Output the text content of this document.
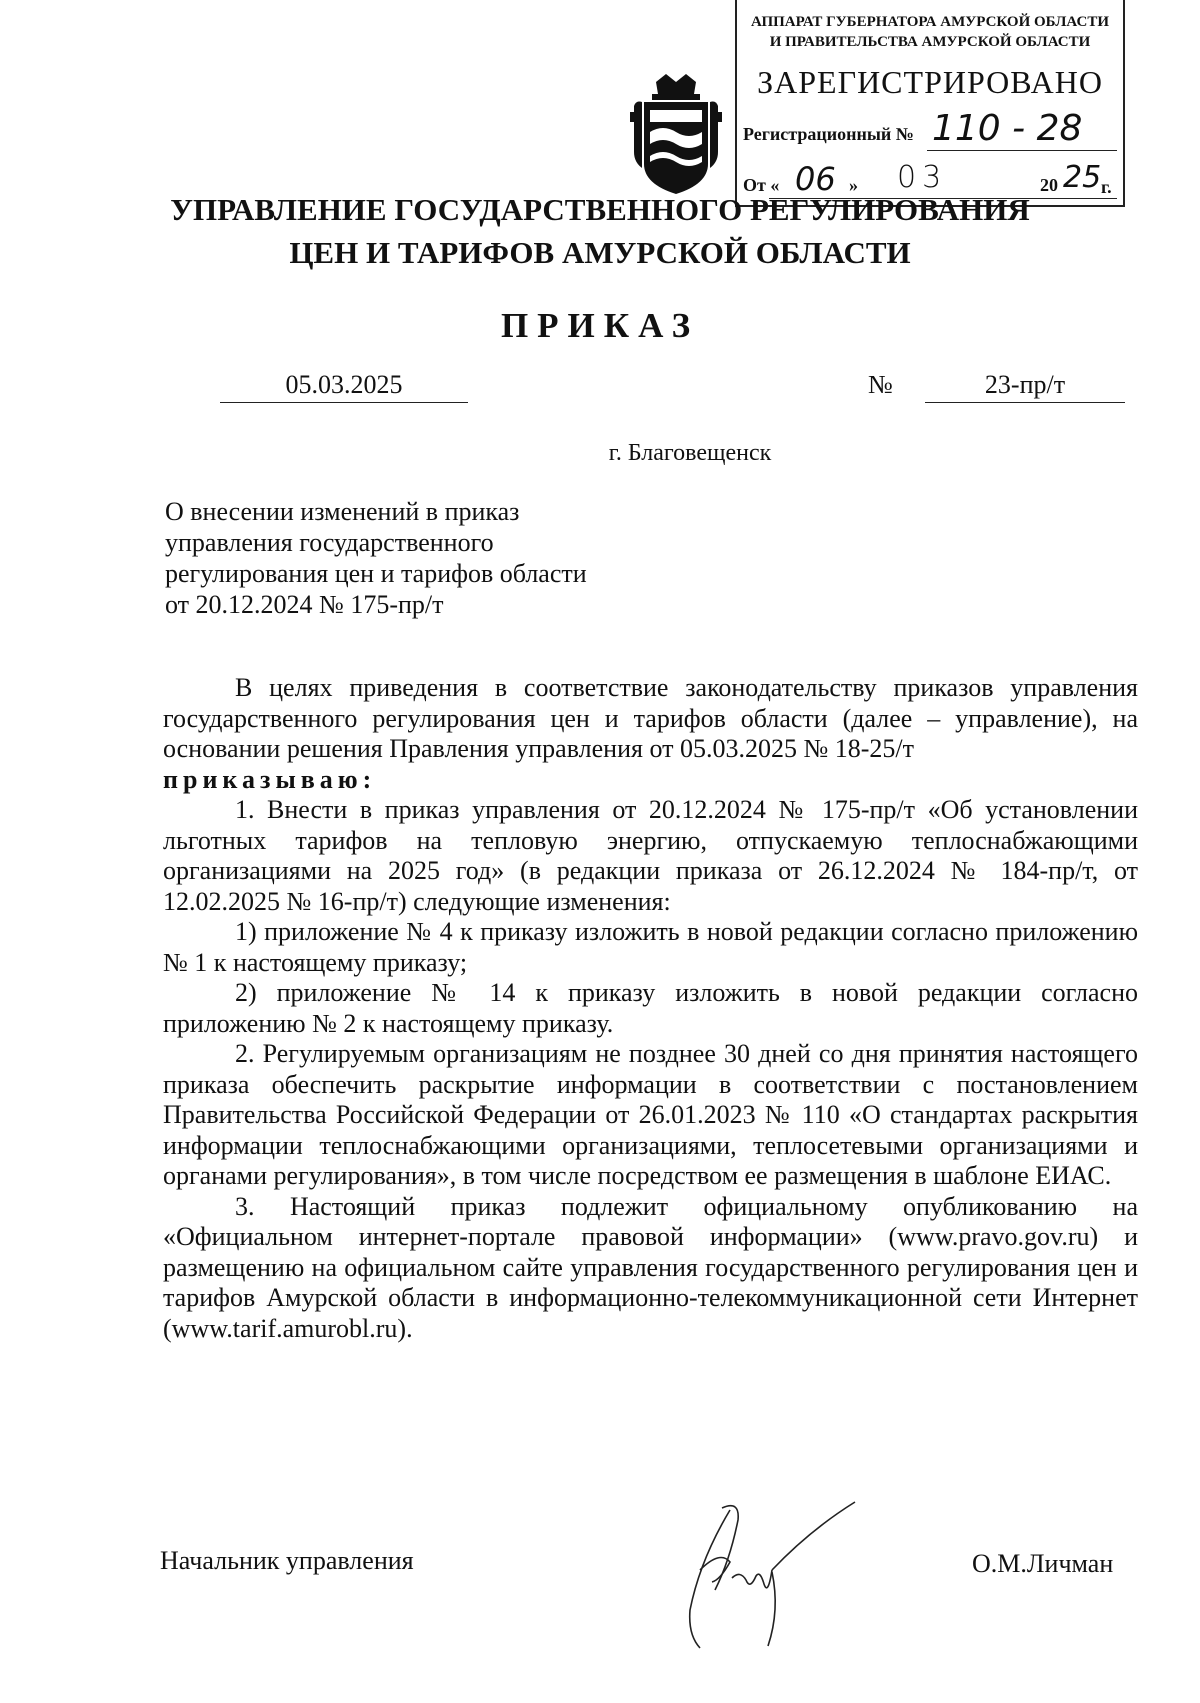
АППАРАТ ГУБЕРНАТОРА АМУРСКОЙ ОБЛАСТИ
И ПРАВИТЕЛЬСТВА АМУРСКОЙ ОБЛАСТИ
ЗАРЕГИСТРИРОВАНО
Регистрационный № 110 - 28
От « 06 » 03	20 25 г.
УПРАВЛЕНИЕ ГОСУДАРСТВЕННОГО РЕГУЛИРОВАНИЯ
ЦЕН И ТАРИФОВ АМУРСКОЙ ОБЛАСТИ
ПРИКАЗ
05.03.2025	№	23-пр/т
г. Благовещенск
О внесении изменений в приказ
управления государственного
регулирования цен и тарифов области
от 20.12.2024 № 175-пр/т

В целях приведения в соответствие законодательству приказов управления государственного регулирования цен и тарифов области (далее – управление), на основании решения Правления управления от 05.03.2025 № 18-25/т

приказываю:

1. Внести в приказ управления от 20.12.2024 № 175-пр/т «Об установлении льготных тарифов на тепловую энергию, отпускаемую теплоснабжающими организациями на 2025 год» (в редакции приказа от 26.12.2024 № 184-пр/т, от 12.02.2025 № 16-пр/т) следующие изменения:

1) приложение № 4 к приказу изложить в новой редакции согласно приложению № 1 к настоящему приказу;

2) приложение № 14 к приказу изложить в новой редакции согласно приложению № 2 к настоящему приказу.

2. Регулируемым организациям не позднее 30 дней со дня принятия настоящего приказа обеспечить раскрытие информации в соответствии с постановлением Правительства Российской Федерации от 26.01.2023 № 110 «О стандартах раскрытия информации теплоснабжающими организациями, теплосетевыми организациями и органами регулирования», в том числе посредством ее размещения в шаблоне ЕИАС.

3. Настоящий приказ подлежит официальному опубликованию на «Официальном интернет-портале правовой информации» (www.pravo.gov.ru) и размещению на официальном сайте управления государственного регулирования цен и тарифов Амурской области в информационно-телекоммуникационной сети Интернет (www.tarif.amurobl.ru).

Начальник управления	О.М.Личман
